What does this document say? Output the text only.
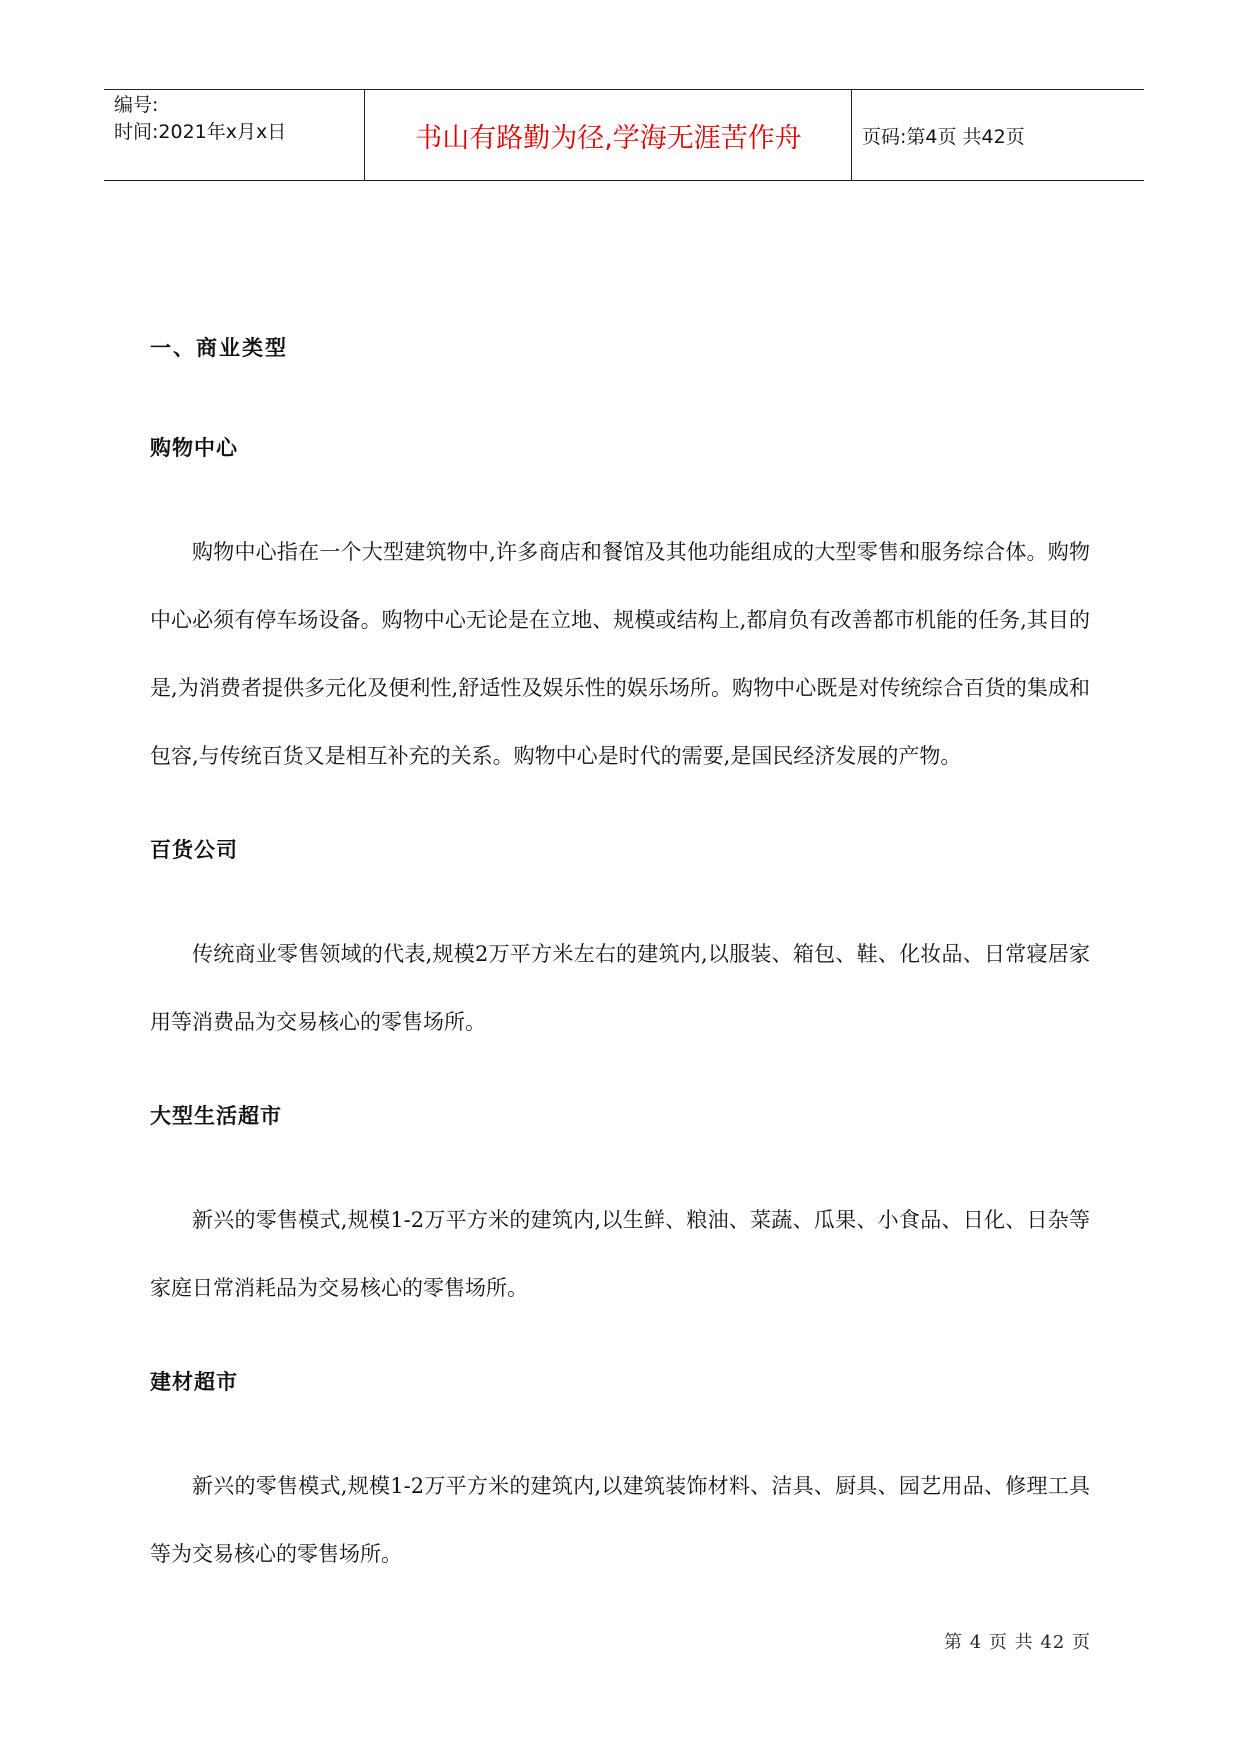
编号:
时间:2021年x月x日	书山有路勤为径,学海无涯苦作舟	页码:第4页 共42页
一、商业类型
购物中心

购物中心指在一个大型建筑物中,许多商店和餐馆及其他功能组成的大型零售和服务综合体。购物中心必须有停车场设备。购物中心无论是在立地、规模或结构上,都肩负有改善都市机能的任务,其目的是,为消费者提供多元化及便利性,舒适性及娱乐性的娱乐场所。购物中心既是对传统综合百货的集成和包容,与传统百货又是相互补充的关系。购物中心是时代的需要,是国民经济发展的产物。

百货公司

传统商业零售领域的代表,规模2万平方米左右的建筑内,以服装、箱包、鞋、化妆品、日常寝居家用等消费品为交易核心的零售场所。

大型生活超市

新兴的零售模式,规模1-2万平方米的建筑内,以生鲜、粮油、菜蔬、瓜果、小食品、日化、日杂等家庭日常消耗品为交易核心的零售场所。

建材超市

新兴的零售模式,规模1-2万平方米的建筑内,以建筑装饰材料、洁具、厨具、园艺用品、修理工具等为交易核心的零售场所。

第 4 页 共 42 页
